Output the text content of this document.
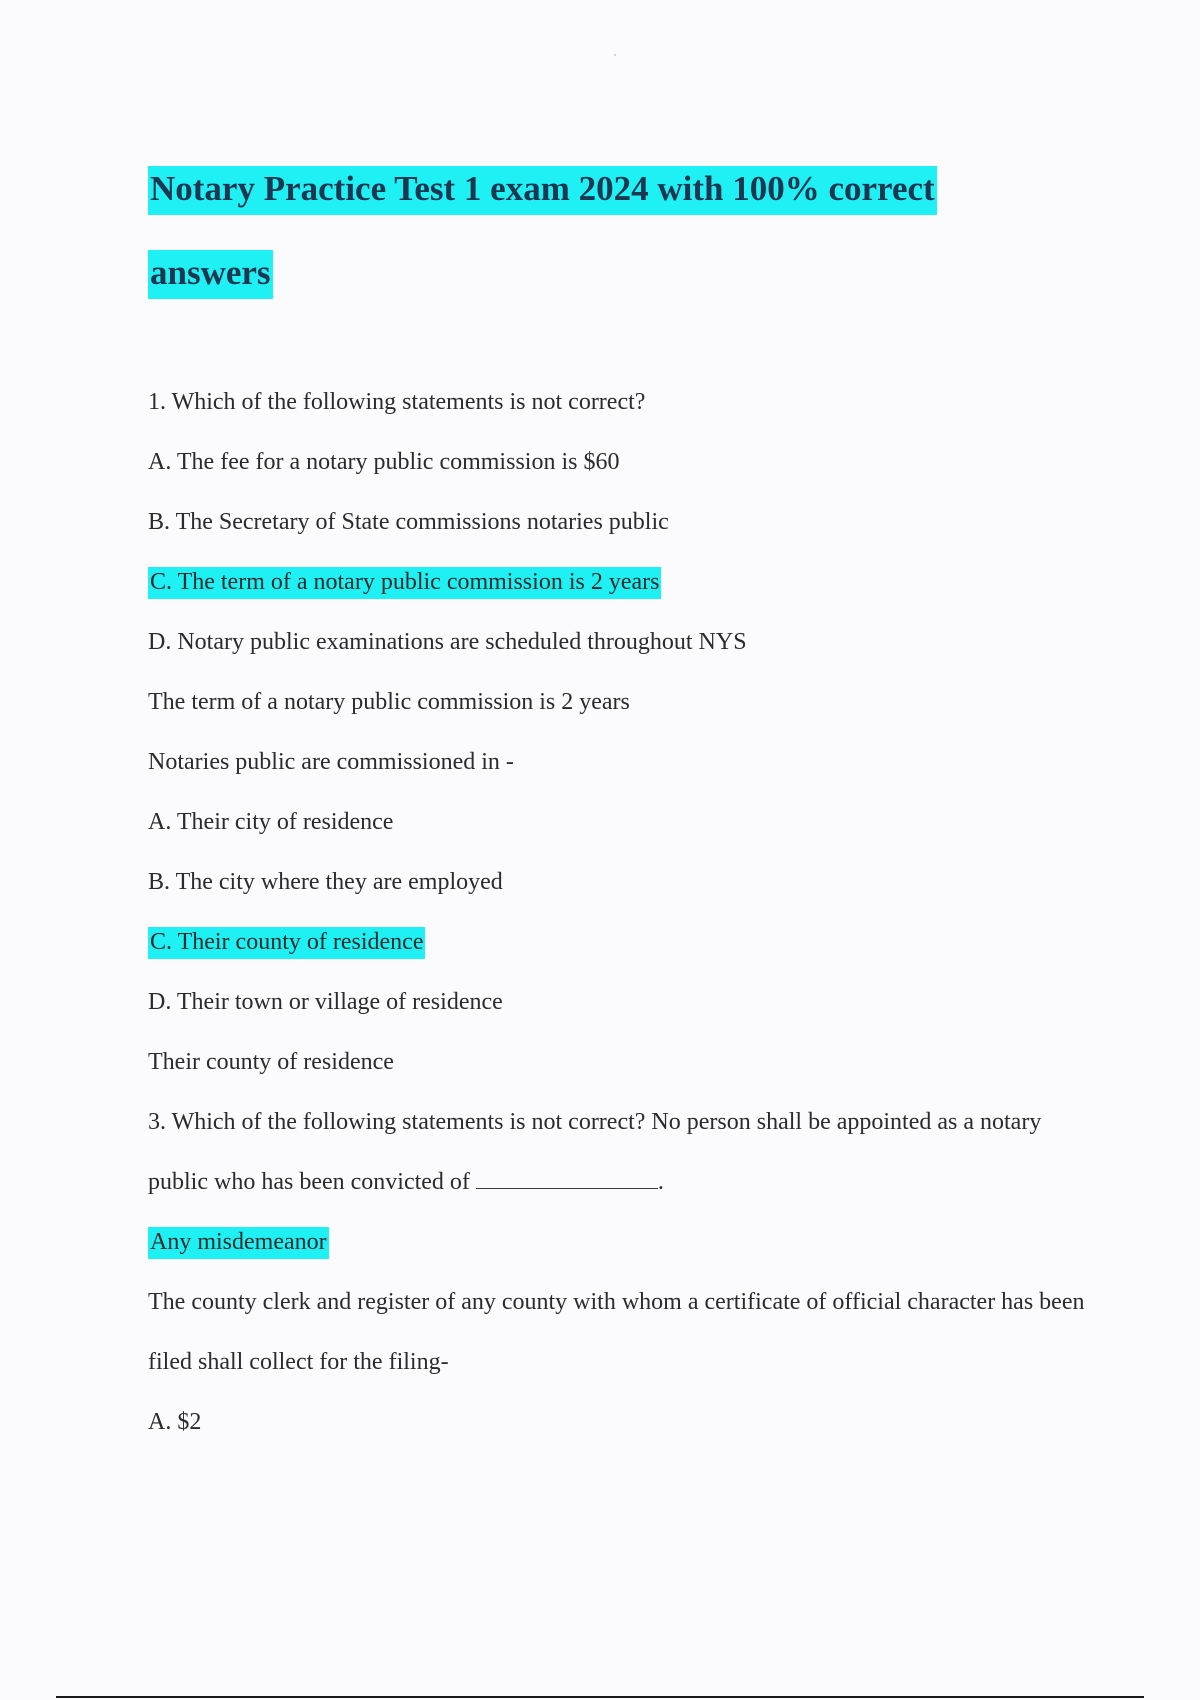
Notary Practice Test 1 exam 2024 with 100% correct answers

1. Which of the following statements is not correct?

A. The fee for a notary public commission is $60

B. The Secretary of State commissions notaries public

C. The term of a notary public commission is 2 years

D. Notary public examinations are scheduled throughout NYS

The term of a notary public commission is 2 years

Notaries public are commissioned in -

A. Their city of residence

B. The city where they are employed

C. Their county of residence

D. Their town or village of residence

Their county of residence

3. Which of the following statements is not correct? No person shall be appointed as a notary public who has been convicted of	.

Any misdemeanor

The county clerk and register of any county with whom a certificate of official character has been filed shall collect for the filing-

A. $2
